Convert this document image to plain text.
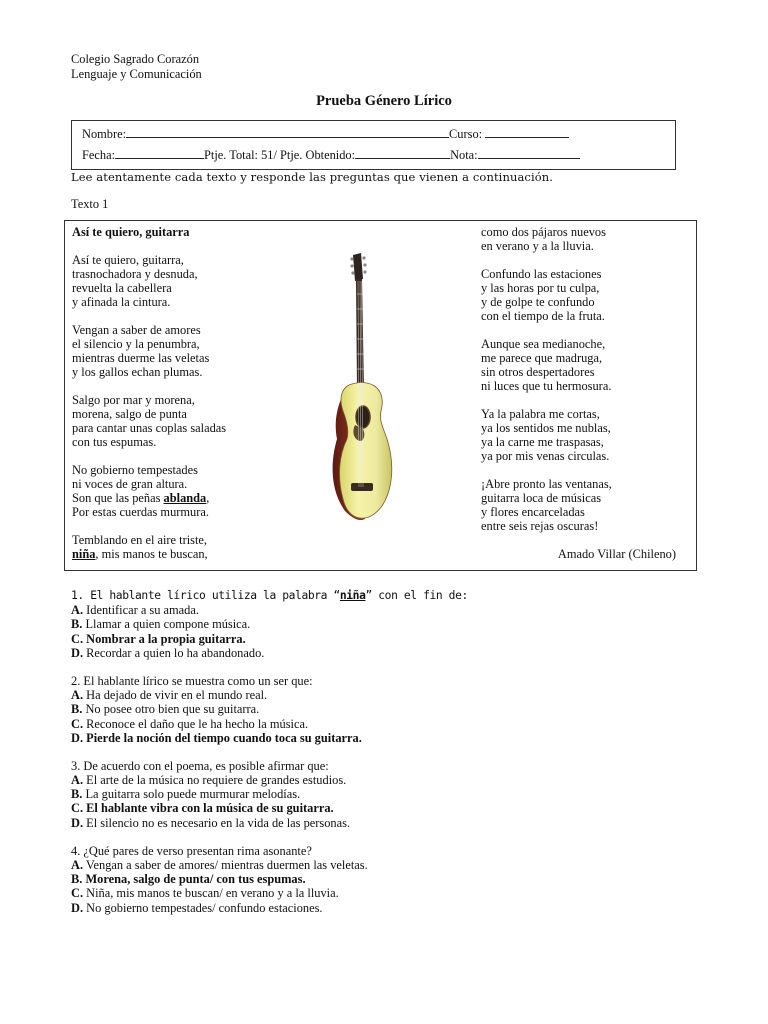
Colegio Sagrado Corazón
Lenguaje y Comunicación
Prueba Género Lírico
Nombre:	Curso:
Fecha:	Ptje. Total: 51/ Ptje. Obtenido:	Nota:
Lee atentamente cada texto y responde las preguntas que vienen a continuación.
Texto 1
Así te quiero, guitarra
Así te quiero, guitarra,
trasnochadora y desnuda,
revuelta la cabellera
y afinada la cintura.
Vengan a saber de amores
el silencio y la penumbra,
mientras duerme las veletas
y los gallos echan plumas.
Salgo por mar y morena,
morena, salgo de punta
para cantar unas coplas saladas
con tus espumas.
No gobierno tempestades
ni voces de gran altura.
Son que las peñas ablanda,
Por estas cuerdas murmura.
Temblando en el aire triste,
niña, mis manos te buscan,
como dos pájaros nuevos
en verano y a la lluvia.
Confundo las estaciones
y las horas por tu culpa,
y de golpe te confundo
con el tiempo de la fruta.
Aunque sea medianoche,
me parece que madruga,
sin otros despertadores
ni luces que tu hermosura.
Ya la palabra me cortas,
ya los sentidos me nublas,
ya la carne me traspasas,
ya por mis venas circulas.
¡Abre pronto las ventanas,
guitarra loca de músicas
y flores encarceladas
entre seis rejas oscuras!
Amado Villar (Chileno)
1. El hablante lírico utiliza la palabra “niña” con el fin de:
A. Identificar a su amada.
B. Llamar a quien compone música.
C. Nombrar a la propia guitarra.
D. Recordar a quien lo ha abandonado.
2. El hablante lírico se muestra como un ser que:
A. Ha dejado de vivir en el mundo real.
B. No posee otro bien que su guitarra.
C. Reconoce el daño que le ha hecho la música.
D. Pierde la noción del tiempo cuando toca su guitarra.
3. De acuerdo con el poema, es posible afirmar que:
A. El arte de la música no requiere de grandes estudios.
B. La guitarra solo puede murmurar melodías.
C. El hablante vibra con la música de su guitarra.
D. El silencio no es necesario en la vida de las personas.
4. ¿Qué pares de verso presentan rima asonante?
A. Vengan a saber de amores/ mientras duermen las veletas.
B. Morena, salgo de punta/ con tus espumas.
C. Niña, mis manos te buscan/ en verano y a la lluvia.
D. No gobierno tempestades/ confundo estaciones.
